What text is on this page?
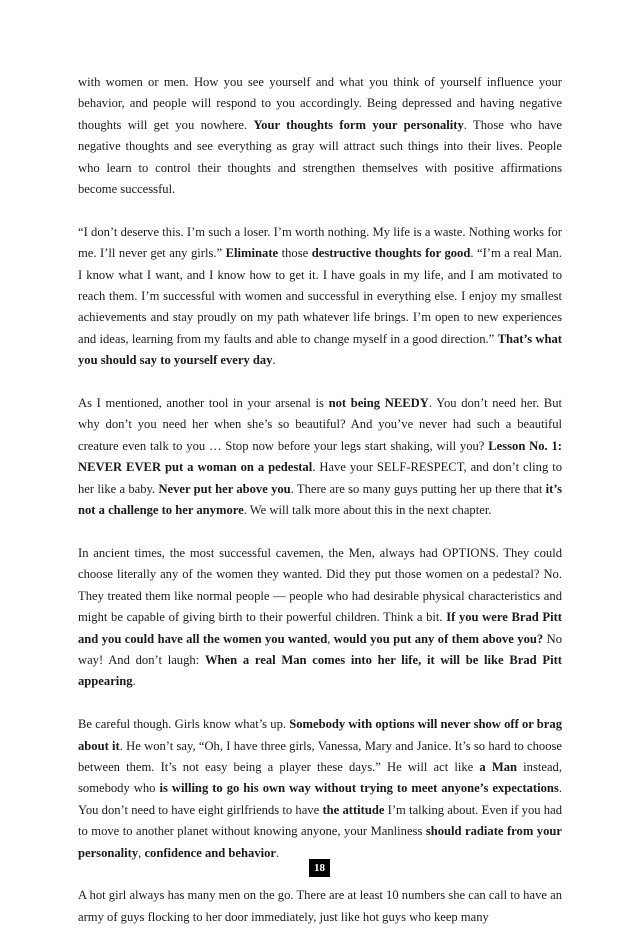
with women or men. How you see yourself and what you think of yourself influence your behavior, and people will respond to you accordingly. Being depressed and having negative thoughts will get you nowhere. Your thoughts form your personality. Those who have negative thoughts and see everything as gray will attract such things into their lives. People who learn to control their thoughts and strengthen themselves with positive affirmations become successful.

“I don’t deserve this. I’m such a loser. I’m worth nothing. My life is a waste. Nothing works for me. I’ll never get any girls.” Eliminate those destructive thoughts for good. “I’m a real Man. I know what I want, and I know how to get it. I have goals in my life, and I am motivated to reach them. I’m successful with women and successful in everything else. I enjoy my smallest achievements and stay proudly on my path whatever life brings. I’m open to new experiences and ideas, learning from my faults and able to change myself in a good direction.” That’s what you should say to yourself every day.

As I mentioned, another tool in your arsenal is not being NEEDY. You don’t need her. But why don’t you need her when she’s so beautiful? And you’ve never had such a beautiful creature even talk to you … Stop now before your legs start shaking, will you? Lesson No. 1: NEVER EVER put a woman on a pedestal. Have your SELF-RESPECT, and don’t cling to her like a baby. Never put her above you. There are so many guys putting her up there that it’s not a challenge to her anymore. We will talk more about this in the next chapter.

In ancient times, the most successful cavemen, the Men, always had OPTIONS. They could choose literally any of the women they wanted. Did they put those women on a pedestal? No. They treated them like normal people — people who had desirable physical characteristics and might be capable of giving birth to their powerful children. Think a bit. If you were Brad Pitt and you could have all the women you wanted, would you put any of them above you? No way! And don’t laugh: When a real Man comes into her life, it will be like Brad Pitt appearing.

Be careful though. Girls know what’s up. Somebody with options will never show off or brag about it. He won’t say, “Oh, I have three girls, Vanessa, Mary and Janice. It’s so hard to choose between them. It’s not easy being a player these days.” He will act like a Man instead, somebody who is willing to go his own way without trying to meet anyone’s expectations. You don’t need to have eight girlfriends to have the attitude I’m talking about. Even if you had to move to another planet without knowing anyone, your Manliness should radiate from your personality, confidence and behavior.

A hot girl always has many men on the go. There are at least 10 numbers she can call to have an army of guys flocking to her door immediately, just like hot guys who keep many

18
